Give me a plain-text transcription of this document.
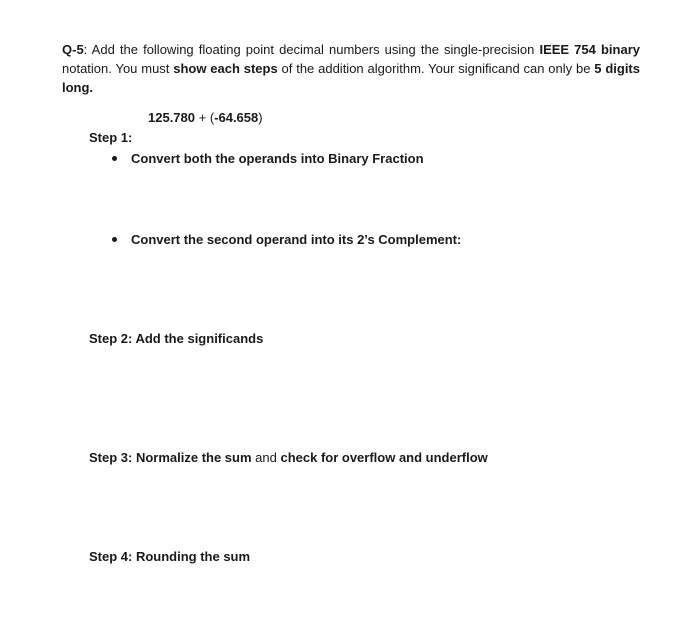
Q-5: Add the following floating point decimal numbers using the single-precision IEEE 754 binary notation. You must show each steps of the addition algorithm. Your significand can only be 5 digits long.
125.780 + (-64.658)
Step 1:
Convert both the operands into Binary Fraction
Convert the second operand into its 2’s Complement:
Step 2: Add the significands
Step 3: Normalize the sum and check for overflow and underflow
Step 4: Rounding the sum
